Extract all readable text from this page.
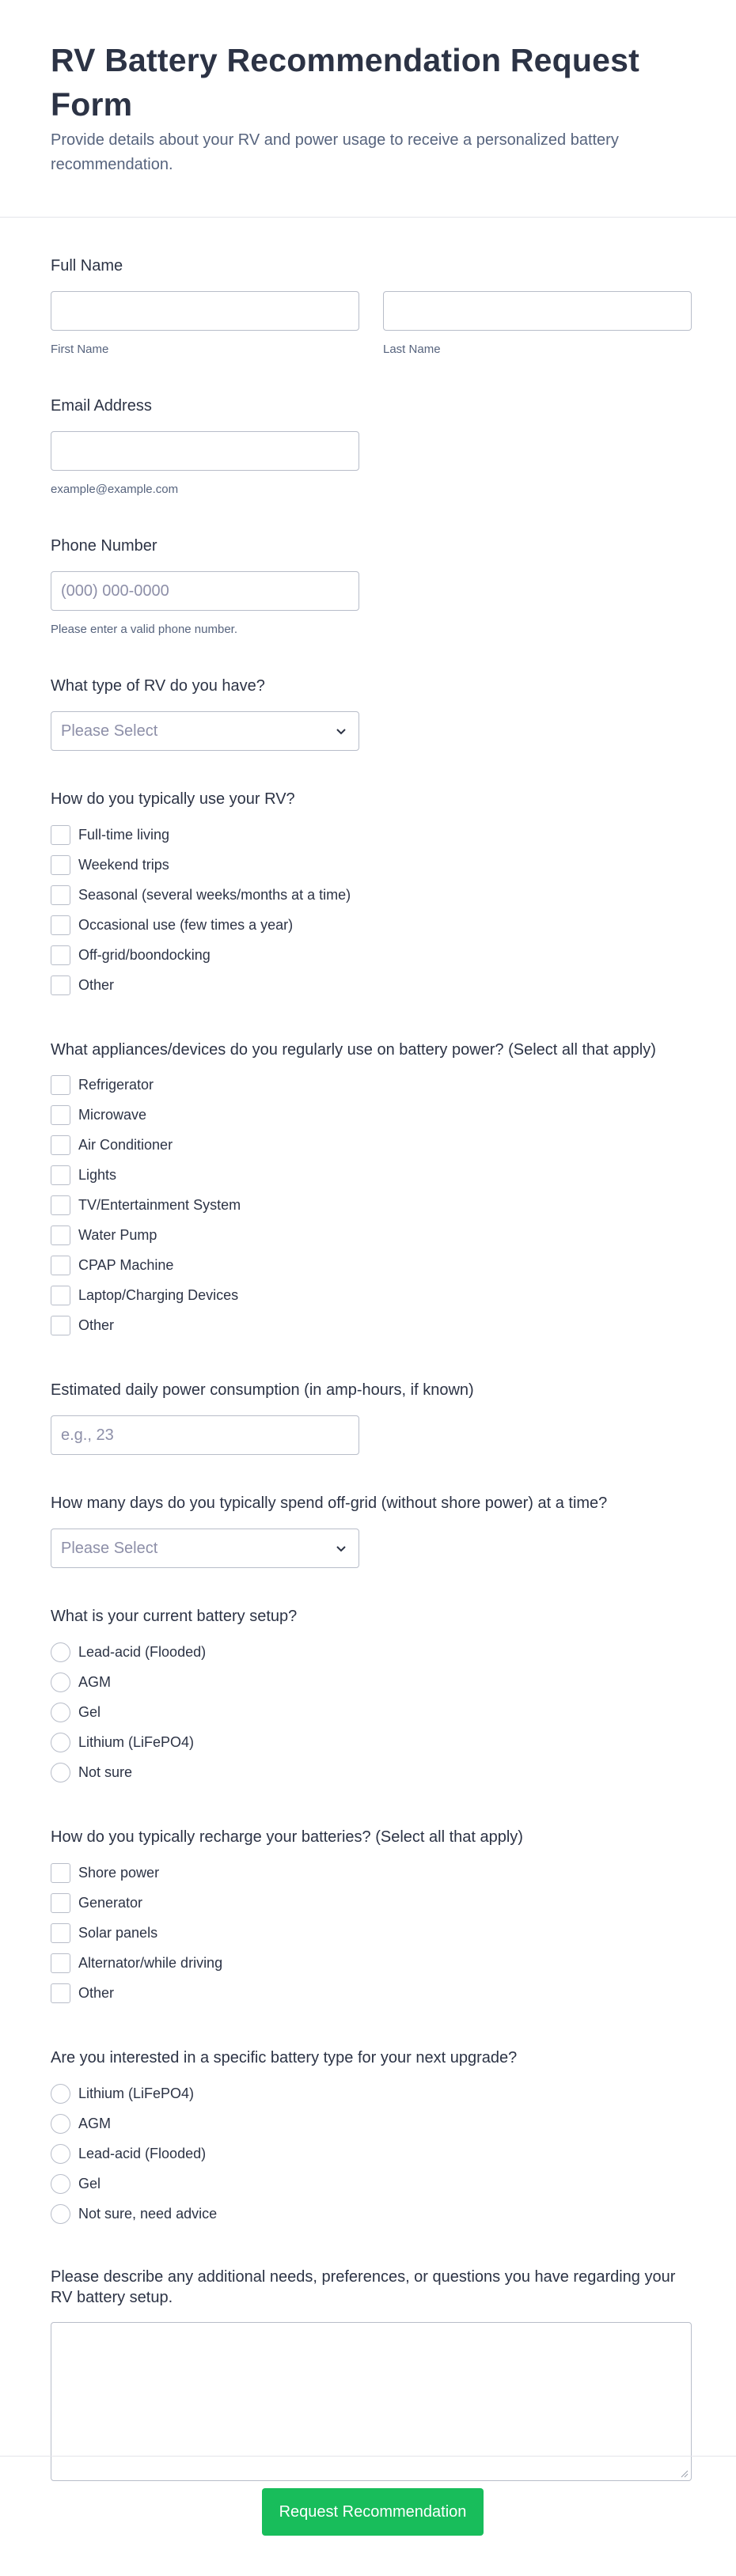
RV Battery Recommendation Request Form

Provide details about your RV and power usage to receive a personalized battery recommendation.

Full Name
First Name	Last Name
Email Address
example@example.com
Phone Number
(000) 000-0000
Please enter a valid phone number.
What type of RV do you have?
Please Select
How do you typically use your RV?
Full-time living
Weekend trips
Seasonal (several weeks/months at a time)
Occasional use (few times a year)
Off-grid/boondocking
Other
What appliances/devices do you regularly use on battery power? (Select all that apply)
Refrigerator
Microwave
Air Conditioner
Lights
TV/Entertainment System
Water Pump
CPAP Machine
Laptop/Charging Devices
Other
Estimated daily power consumption (in amp-hours, if known)
e.g., 23
How many days do you typically spend off-grid (without shore power) at a time?
Please Select
What is your current battery setup?
Lead-acid (Flooded)
AGM
Gel
Lithium (LiFePO4)
Not sure
How do you typically recharge your batteries? (Select all that apply)
Shore power
Generator
Solar panels
Alternator/while driving
Other
Are you interested in a specific battery type for your next upgrade?
Lithium (LiFePO4)
AGM
Lead-acid (Flooded)
Gel
Not sure, need advice
Please describe any additional needs, preferences, or questions you have regarding your RV battery setup.
Request Recommendation
